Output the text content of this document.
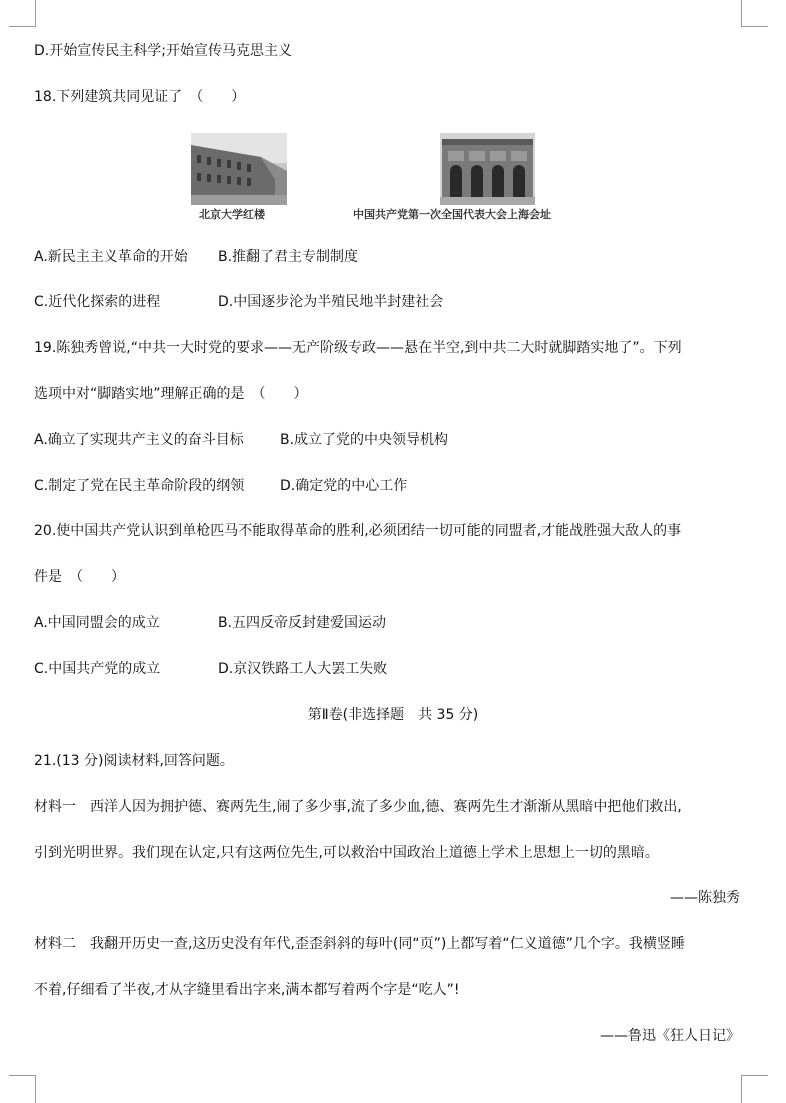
D.开始宣传民主科学;开始宣传马克思主义
18.下列建筑共同见证了　（　　）
北京大学红楼	中国共产党第一次全国代表大会上海会址
A.新民主主义革命的开始 B.推翻了君主专制制度
C.近代化探索的进程	D.中国逐步沦为半殖民地半封建社会
19.陈独秀曾说,“中共一大时党的要求——无产阶级专政——悬在半空,到中共二大时就脚踏实地了”。下列
选项中对“脚踏实地”理解正确的是　（　　）
A.确立了实现共产主义的奋斗目标	B.成立了党的中央领导机构
C.制定了党在民主革命阶段的纲领	D.确定党的中心工作
20.使中国共产党认识到单枪匹马不能取得革命的胜利,必须团结一切可能的同盟者,才能战胜强大敌人的事
件是　（　　）
A.中国同盟会的成立	B.五四反帝反封建爱国运动
C.中国共产党的成立	D.京汉铁路工人大罢工失败
第Ⅱ卷(非选择题　共 35 分)
21.(13 分)阅读材料,回答问题。
材料一　西洋人因为拥护德、赛两先生,闹了多少事,流了多少血,德、赛两先生才渐渐从黑暗中把他们救出,
引到光明世界。我们现在认定,只有这两位先生,可以救治中国政治上道德上学术上思想上一切的黑暗。
——陈独秀
材料二　我翻开历史一查,这历史没有年代,歪歪斜斜的每叶(同“页”)上都写着“仁义道德”几个字。我横竖睡
不着,仔细看了半夜,才从字缝里看出字来,满本都写着两个字是“吃人”!
——鲁迅《狂人日记》
